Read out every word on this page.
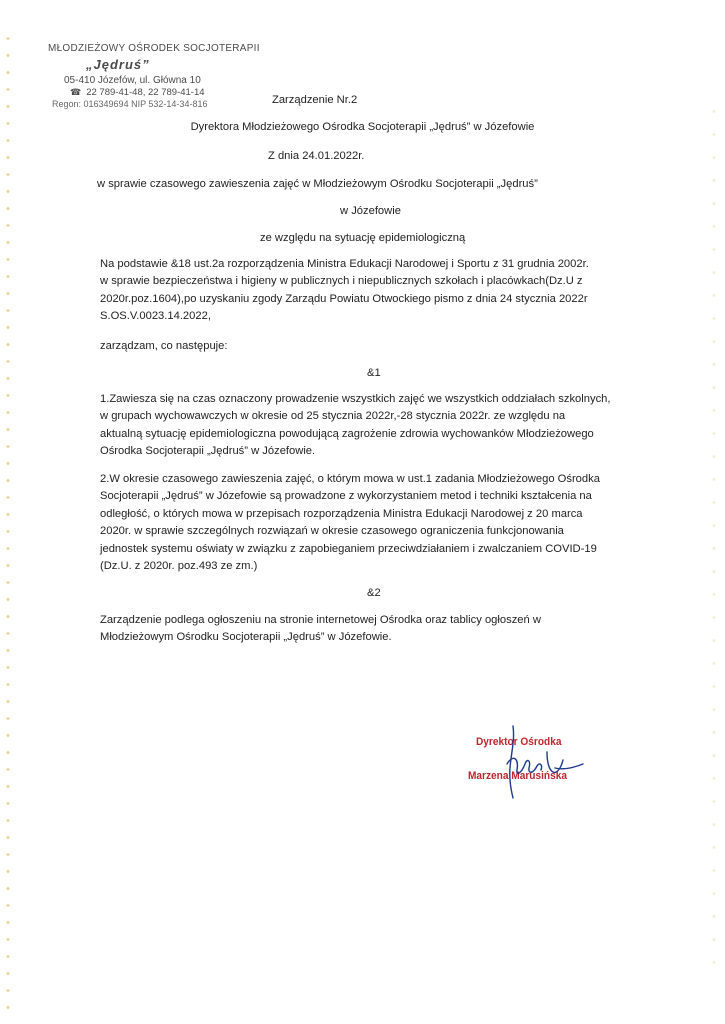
MŁODZIEŻOWY OŚRODEK SOCJOTERAPII
„Jędruś”
05-410 Józefów, ul. Główna 10
☎ 22 789-41-48, 22 789-41-14
Regon: 016349694 NIP 532-14-34-816	Zarządzenie Nr.2
Dyrektora Młodzieżowego Ośrodka Socjoterapii „Jędruś” w Józefowie
Z dnia 24.01.2022r.
w sprawie czasowego zawieszenia zajęć w Młodzieżowym Ośrodku Socjoterapii „Jędruś”
w Józefowie
ze względu na sytuację epidemiologiczną
Na podstawie &18 ust.2a rozporządzenia Ministra Edukacji Narodowej i Sportu z 31 grudnia 2002r.
w sprawie bezpieczeństwa i higieny w publicznych i niepublicznych szkołach i placówkach(Dz.U z
2020r.poz.1604),po uzyskaniu zgody Zarządu Powiatu Otwockiego pismo z dnia 24 stycznia 2022r
S.OS.V.0023.14.2022,
zarządzam, co następuje:
&1
1.Zawiesza się na czas oznaczony prowadzenie wszystkich zajęć we wszystkich oddziałach szkolnych,
w grupach wychowawczych w okresie od 25 stycznia 2022r,-28 stycznia 2022r. ze względu na
aktualną sytuację epidemiologiczna powodującą zagrożenie zdrowia wychowanków Młodzieżowego
Ośrodka Socjoterapii „Jędruś” w Józefowie.
2.W okresie czasowego zawieszenia zajęć, o którym mowa w ust.1 zadania Młodzieżowego Ośrodka
Socjoterapii „Jędruś” w Józefowie są prowadzone z wykorzystaniem metod i techniki kształcenia na
odległość, o których mowa w przepisach rozporządzenia Ministra Edukacji Narodowej z 20 marca
2020r. w sprawie szczególnych rozwiązań w okresie czasowego ograniczenia funkcjonowania
jednostek systemu oświaty w związku z zapobieganiem przeciwdziałaniem i zwalczaniem COVID-19
(Dz.U. z 2020r. poz.493 ze zm.)
&2
Zarządzenie podlega ogłoszeniu na stronie internetowej Ośrodka oraz tablicy ogłoszeń w
Młodzieżowym Ośrodku Socjoterapii „Jędruś” w Józefowie.
Dyrektor Ośrodka
Marzena Marusińska
